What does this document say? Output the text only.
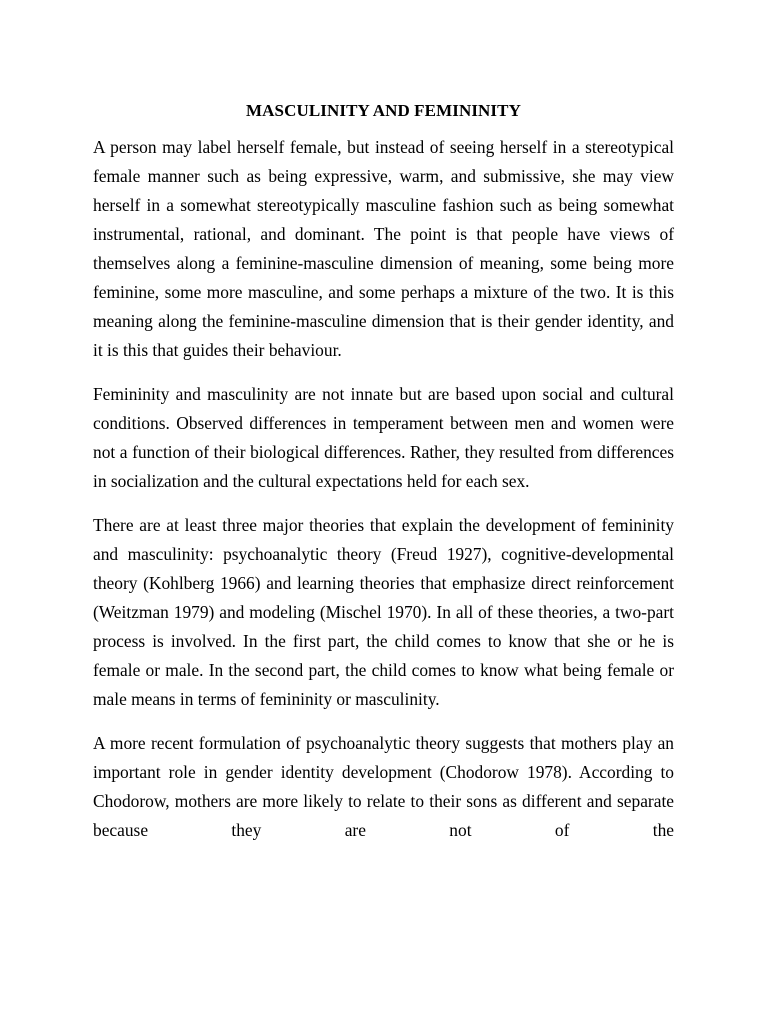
MASCULINITY AND FEMININITY

A person may label herself female, but instead of seeing herself in a stereotypical female manner such as being expressive, warm, and submissive, she may view herself in a somewhat stereotypically masculine fashion such as being somewhat instrumental, rational, and dominant. The point is that people have views of themselves along a feminine-masculine dimension of meaning, some being more feminine, some more masculine, and some perhaps a mixture of the two. It is this meaning along the feminine-masculine dimension that is their gender identity, and it is this that guides their behaviour.

Femininity and masculinity are not innate but are based upon social and cultural conditions. Observed differences in temperament between men and women were not a function of their biological differences. Rather, they resulted from differences in socialization and the cultural expectations held for each sex.

There are at least three major theories that explain the development of femininity and masculinity: psychoanalytic theory (Freud 1927), cognitive-developmental theory (Kohlberg 1966) and learning theories that emphasize direct reinforcement (Weitzman 1979) and modeling (Mischel 1970). In all of these theories, a two-part process is involved. In the first part, the child comes to know that she or he is female or male. In the second part, the child comes to know what being female or male means in terms of femininity or masculinity.

A more recent formulation of psychoanalytic theory suggests that mothers play an important role in gender identity development (Chodorow 1978). According to Chodorow, mothers are more likely to relate to their sons as different and separate because they are not of the
